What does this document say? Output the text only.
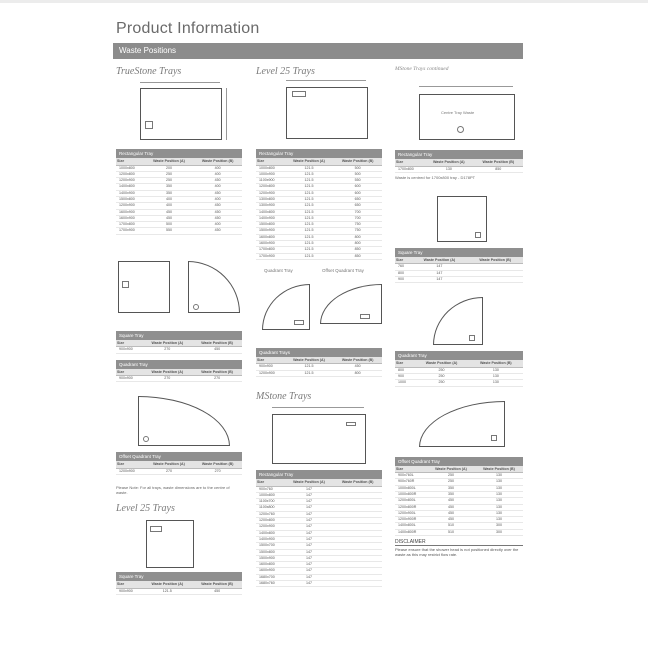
Product Information
Waste Positions
TrueStone Trays
Rectangular Tray
Size	Waste Position (A)	Waste Position (B)
1000x800	200	400
1200x800	250	400
1200x900	250	450
1400x800	350	400
1400x900	350	450
1500x800	400	400
1200x900	400	450
1600x900	450	450
1600x900	450	450
1700x800	500	400
1700x900	550	450
Square Tray
Size	Waste Position (A)	Waste Position (B)
900x900	270	450
Quadrant Tray
Size	Waste Position (A)	Waste Position (B)
900x900	270	270
Offset Quadrant Tray
Size	Waste Position (A)	Waste Position (B)
1200x900	270	270
Please Note: For all trays, waste dimensions are to the centre of waste.
Level 25 Trays
Square Tray
Size	Waste Position (A)	Waste Position (B)
900x900	121.5	450
Level 25 Trays
Rectangular Tray
Size	Waste Position (A)	Waste Position (B)
1000x800	121.5	500
1000x900	121.5	500
1100x900	121.5	550
1200x800	121.5	600
1200x900	121.5	600
1300x800	121.5	650
1300x900	121.5	650
1400x800	121.5	700
1400x900	121.5	700
1500x800	121.5	750
1500x900	121.5	750
1600x800	121.5	800
1600x900	121.5	800
1700x800	121.5	850
1700x900	121.5	850
Quadrant Tray	Offset Quadrant Tray
Quadrant Trays
Size	Waste Position (A)	Waste Position (B)
900x900	121.5	450
1200x900	121.5	800
MStone Trays
Rectangular Tray
Size	Waste Position (A)	Waste Position (B)
900x760	147	
1000x800	147	
1100x700	147	
1100x800	147	
1200x760	147	
1200x800	147	
1200x900	147	
1400x800	147	
1400x900	147	
1500x700	147	
1500x800	147	
1500x900	147	
1600x800	147	
1600x900	147	
1680x700	147	
1680x760	147	
MStone Trays continued
Centre Tray Waste
Rectangular Tray
Size	Waste Position (A)	Waste Position (B)
1700x800	130	850
Waste is centred for 1700x800 tray - D178PT
Square Tray
Size	Waste Position (A)	Waste Position (B)
760	147	
800	147	
900	147	
Quadrant Tray
Size	Waste Position (A)	Waste Position (B)
800	250	130
900	250	130
1000	250	130
Offset Quadrant Tray
Size	Waste Position (A)	Waste Position (B)
900x760L	250	130
900x760R	250	130
1000x800L	350	130
1000x800R	350	130
1200x800L	450	130
1200x800R	450	130
1200x900L	450	130
1200x900R	450	130
1400x800L	510	300
1400x800R	510	300
DISCLAIMER
Please ensure that the shower head is not positioned directly over the waste as this may restrict flow rate.
